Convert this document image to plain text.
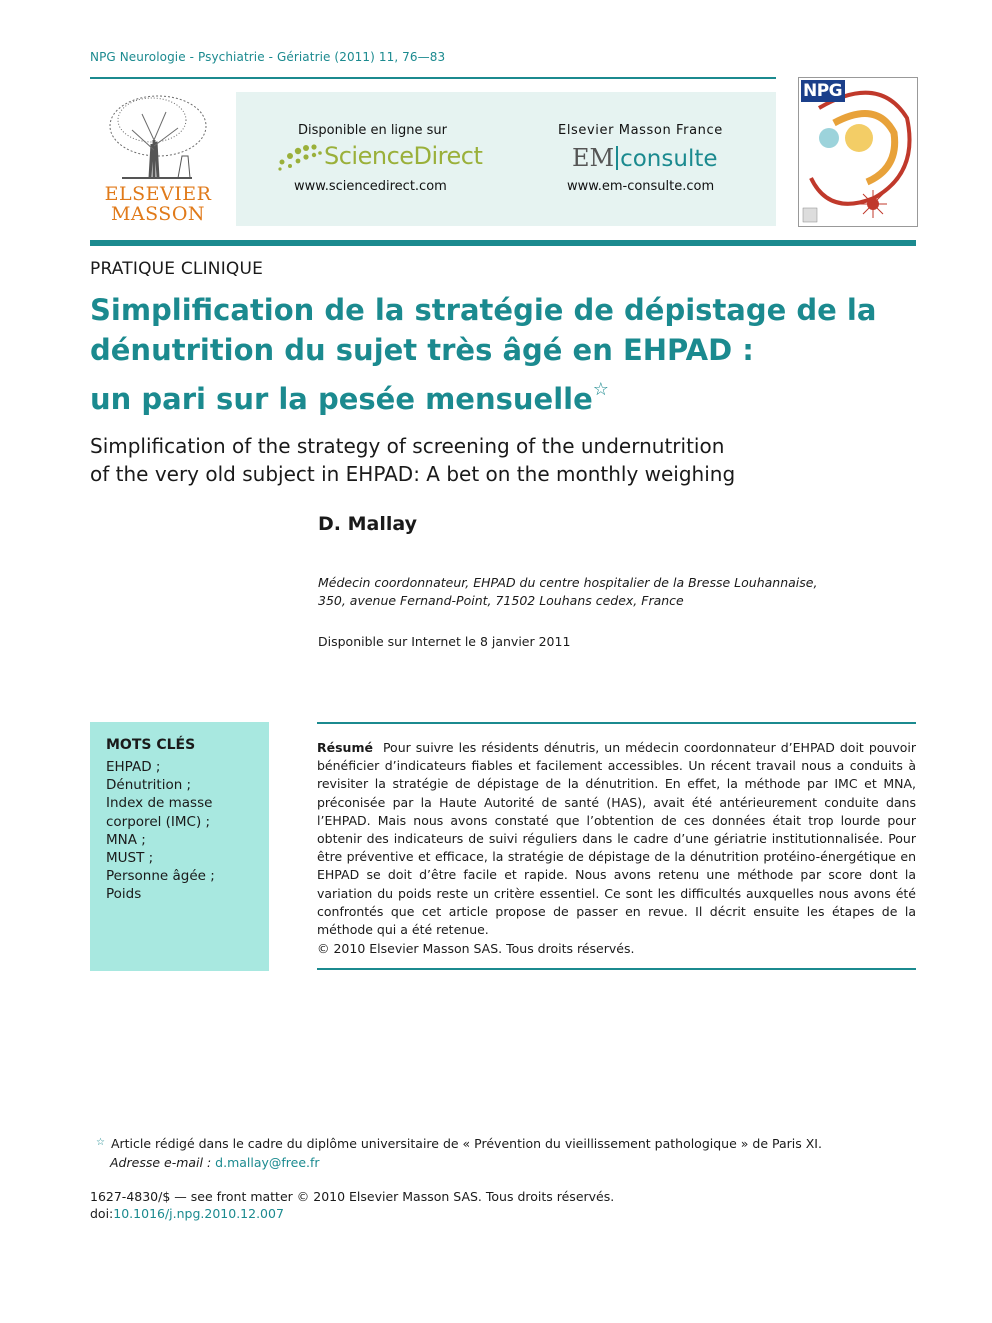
NPG Neurologie - Psychiatrie - Gériatrie (2011) 11, 76—83
ELSEVIER MASSON
Disponible en ligne sur
ScienceDirect
www.sciencedirect.com
Elsevier Masson France
EM consulte
www.em-consulte.com
NPG
PRATIQUE CLINIQUE
Simplification de la stratégie de dépistage de la
dénutrition du sujet très âgé en EHPAD :
un pari sur la pesée mensuelle☆
Simplification of the strategy of screening of the undernutrition
of the very old subject in EHPAD: A bet on the monthly weighing
D. Mallay
Médecin coordonnateur, EHPAD du centre hospitalier de la Bresse Louhannaise,
350, avenue Fernand-Point, 71502 Louhans cedex, France
Disponible sur Internet le 8 janvier 2011
MOTS CLÉS
EHPAD ;
Dénutrition ;
Index de masse corporel (IMC) ;
MNA ;
MUST ;
Personne âgée ;
Poids
Résumé Pour suivre les résidents dénutris, un médecin coordonnateur d’EHPAD doit pouvoir bénéficier d’indicateurs fiables et facilement accessibles. Un récent travail nous a conduits à revisiter la stratégie de dépistage de la dénutrition. En effet, la méthode par IMC et MNA, préconisée par la Haute Autorité de santé (HAS), avait été antérieurement conduite dans l’EHPAD. Mais nous avons constaté que l’obtention de ces données était trop lourde pour obtenir des indicateurs de suivi réguliers dans le cadre d’une gériatrie institutionnalisée. Pour être préventive et efficace, la stratégie de dépistage de la dénutrition protéino-énergétique en EHPAD se doit d’être facile et rapide. Nous avons retenu une méthode par score dont la variation du poids reste un critère essentiel. Ce sont les difficultés auxquelles nous avons été confrontés que cet article propose de passer en revue. Il décrit ensuite les étapes de la méthode qui a été retenue.
© 2010 Elsevier Masson SAS. Tous droits réservés.
☆ Article rédigé dans le cadre du diplôme universitaire de « Prévention du vieillissement pathologique » de Paris XI.
Adresse e-mail : d.mallay@free.fr
1627-4830/$ — see front matter © 2010 Elsevier Masson SAS. Tous droits réservés.
doi:10.1016/j.npg.2010.12.007
